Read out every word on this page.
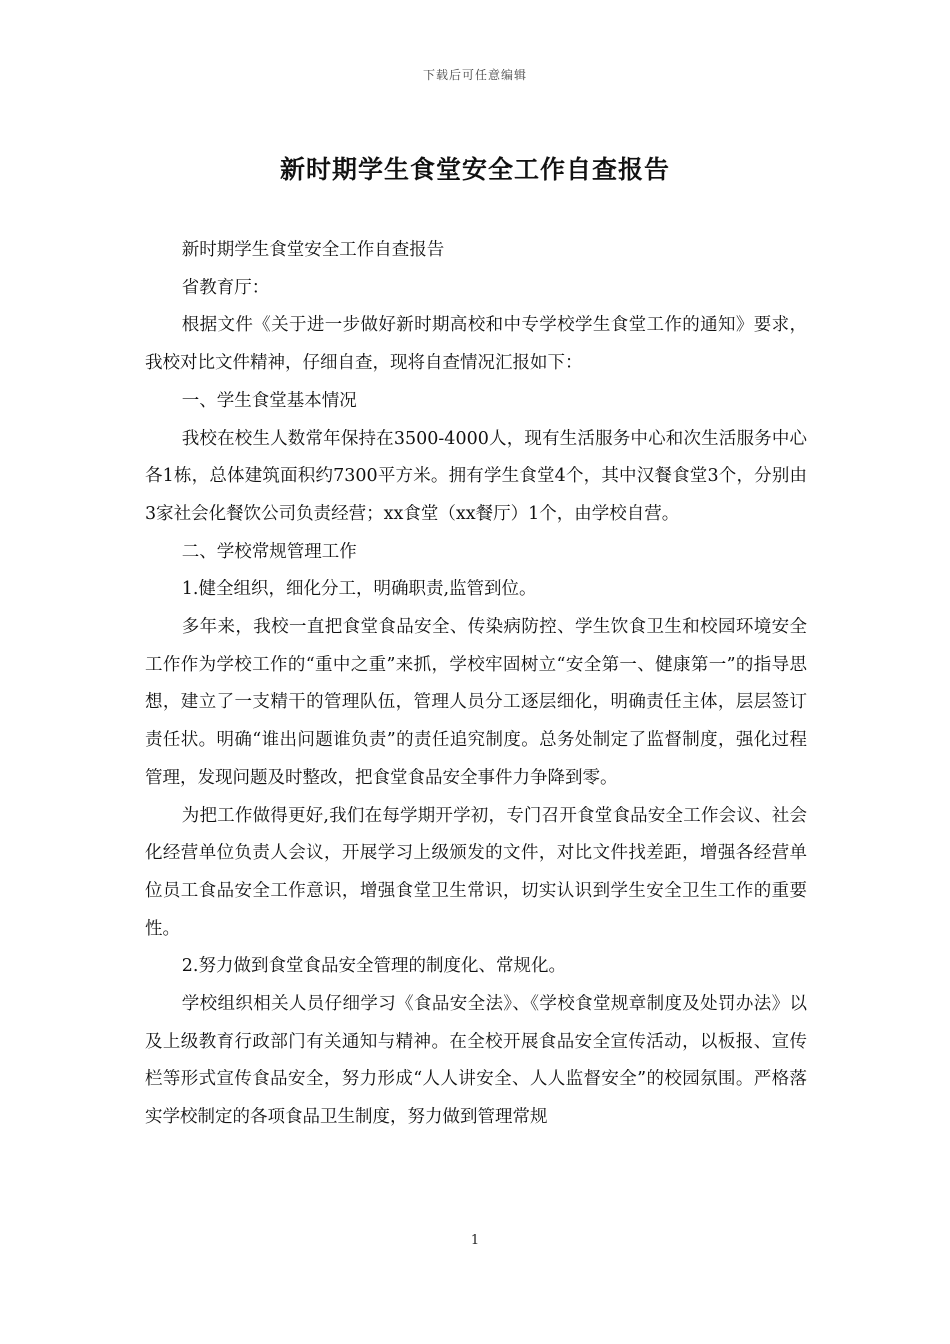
下载后可任意编辑
新时期学生食堂安全工作自查报告

新时期学生食堂安全工作自查报告

省教育厅：

根据文件《关于进一步做好新时期高校和中专学校学生食堂工作的通知》要求，我校对比文件精神，仔细自查，现将自查情况汇报如下：

一、学生食堂基本情况

我校在校生人数常年保持在3500-4000人，现有生活服务中心和次生活服务中心各1栋，总体建筑面积约7300平方米。拥有学生食堂4个，其中汉餐食堂3个，分别由3家社会化餐饮公司负责经营；xx食堂（xx餐厅）1个，由学校自营。

二、学校常规管理工作

1.健全组织，细化分工，明确职责,监管到位。

多年来，我校一直把食堂食品安全、传染病防控、学生饮食卫生和校园环境安全工作作为学校工作的“重中之重”来抓，学校牢固树立“安全第一、健康第一”的指导思想，建立了一支精干的管理队伍，管理人员分工逐层细化，明确责任主体，层层签订责任状。明确“谁出问题谁负责”的责任追究制度。总务处制定了监督制度，强化过程管理，发现问题及时整改，把食堂食品安全事件力争降到零。

为把工作做得更好,我们在每学期开学初，专门召开食堂食品安全工作会议、社会化经营单位负责人会议，开展学习上级颁发的文件，对比文件找差距，增强各经营单位员工食品安全工作意识，增强食堂卫生常识，切实认识到学生安全卫生工作的重要性。

2.努力做到食堂食品安全管理的制度化、常规化。

学校组织相关人员仔细学习《食品安全法》、《学校食堂规章制度及处罚办法》以及上级教育行政部门有关通知与精神。在全校开展食品安全宣传活动，以板报、宣传栏等形式宣传食品安全，努力形成“人人讲安全、人人监督安全”的校园氛围。严格落实学校制定的各项食品卫生制度，努力做到管理常规

1
